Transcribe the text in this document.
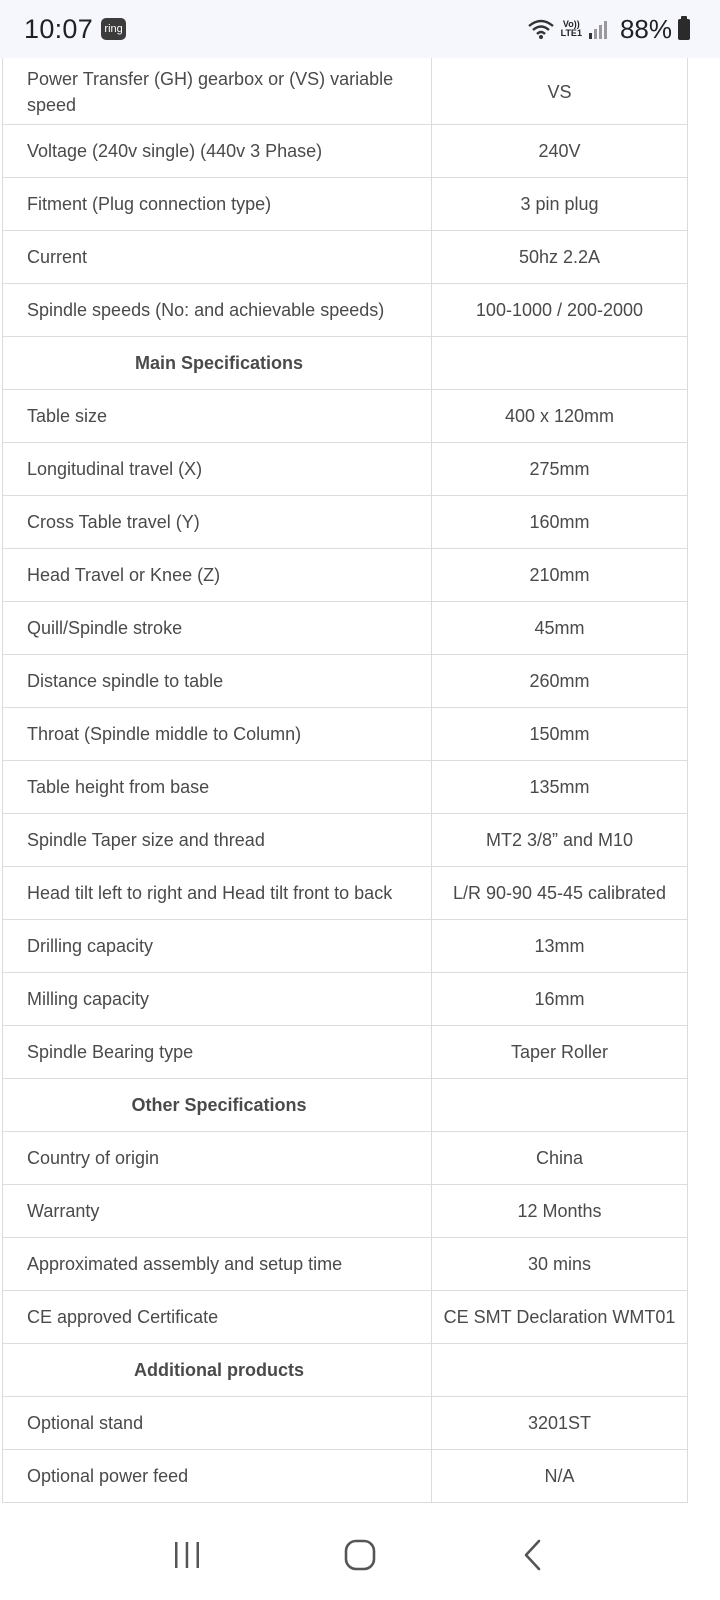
10:07	ring	Vo))
LTE1 88%
Power Transfer (GH) gearbox or (VS) variable speed	VS
Voltage (240v single) (440v 3 Phase)	240V
Fitment (Plug connection type)	3 pin plug
Current	50hz 2.2A
Spindle speeds (No: and achievable speeds)	100-1000 / 200-2000
Main Specifications	
Table size	400 x 120mm
Longitudinal travel (X)	275mm
Cross Table travel (Y)	160mm
Head Travel or Knee (Z)	210mm
Quill/Spindle stroke	45mm
Distance spindle to table	260mm
Throat (Spindle middle to Column)	150mm
Table height from base	135mm
Spindle Taper size and thread	MT2 3/8” and M10
Head tilt left to right and Head tilt front to back	L/R 90-90 45-45 calibrated
Drilling capacity	13mm
Milling capacity	16mm
Spindle Bearing type	Taper Roller
Other Specifications	
Country of origin	China
Warranty	12 Months
Approximated assembly and setup time	30 mins
CE approved Certificate	CE SMT Declaration WMT01
Additional products	
Optional stand	3201ST
Optional power feed	N/A
